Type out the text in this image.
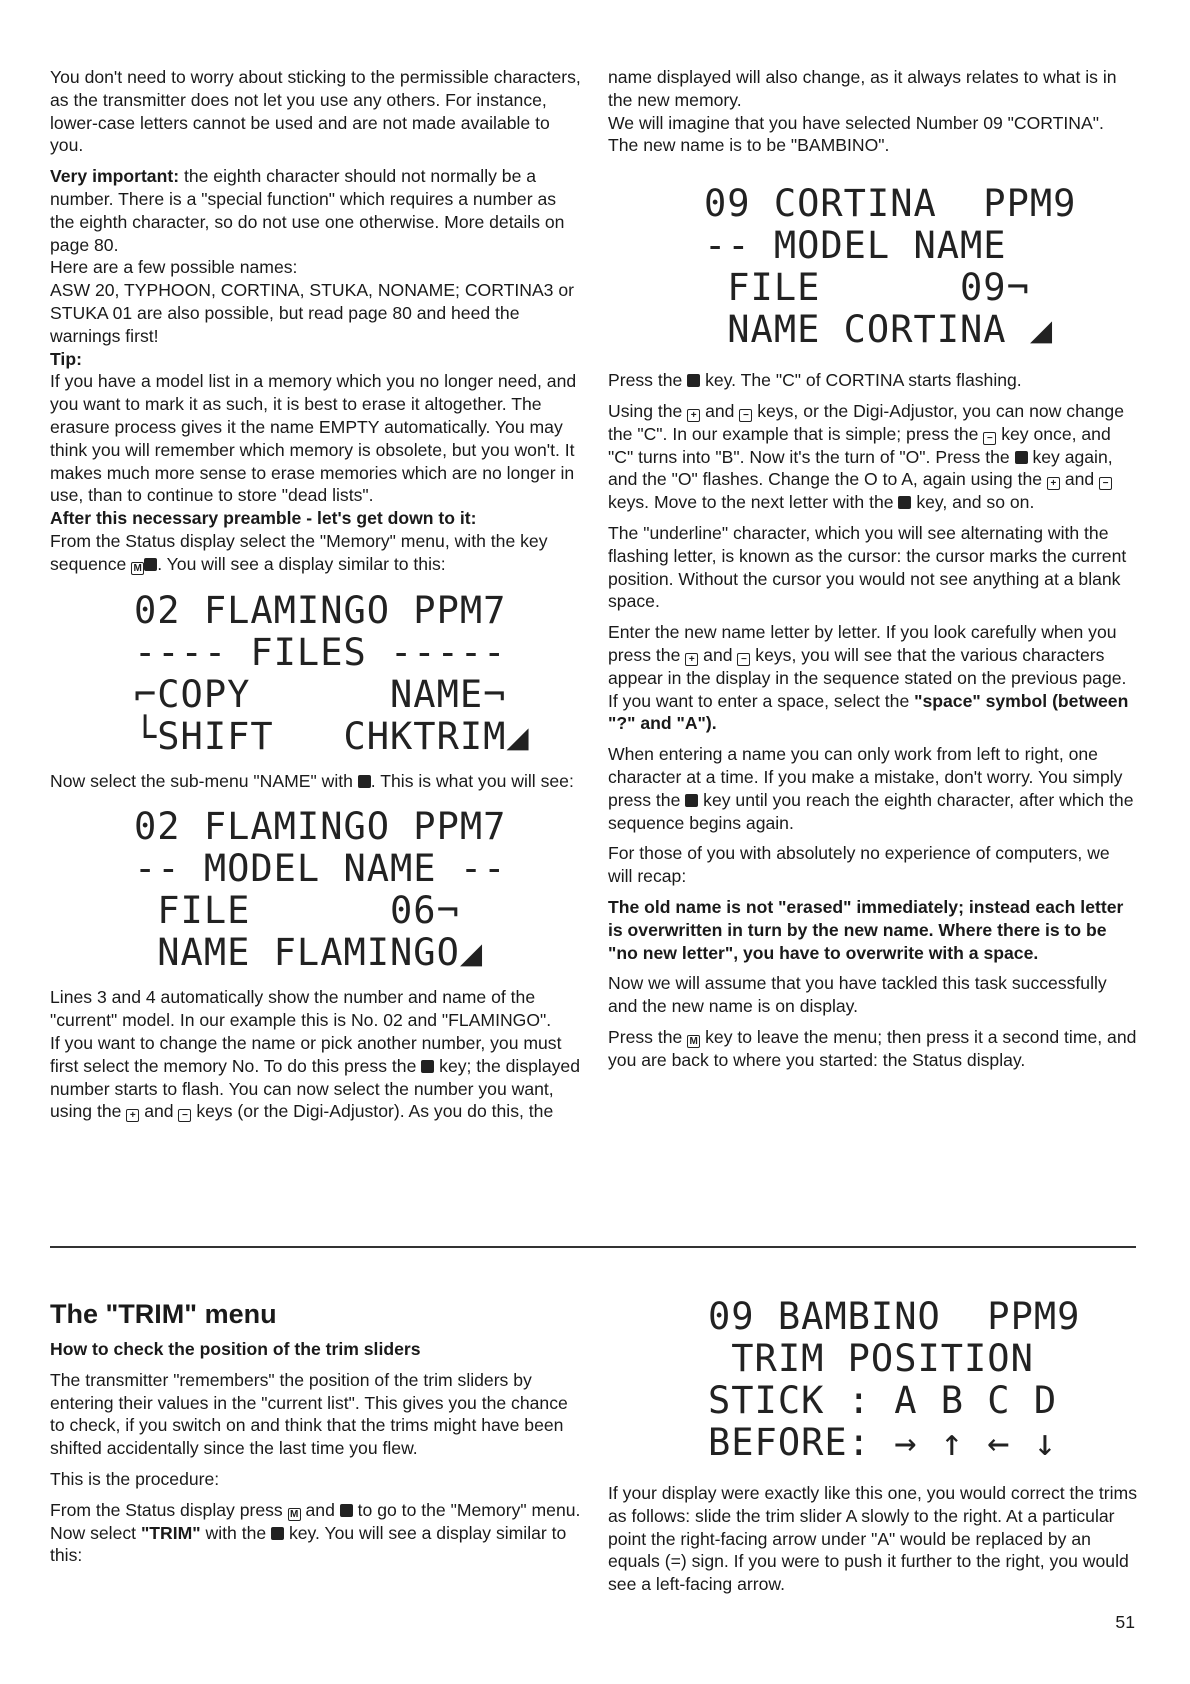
You don't need to worry about sticking to the permissible characters, as the transmitter does not let you use any others. For instance, lower-case letters cannot be used and are not made available to you.

Very important: the eighth character should not normally be a number. There is a "special function" which requires a number as the eighth character, so do not use one otherwise. More details on page 80.

Here are a few possible names:

ASW 20, TYPHOON, CORTINA, STUKA, NONAME; CORTINA3 or STUKA 01 are also possible, but read page 80 and heed the warnings first!

Tip:

If you have a model list in a memory which you no longer need, and you want to mark it as such, it is best to erase it altogether. The erasure process gives it the name EMPTY automatically. You may think you will remember which memory is obsolete, but you won't. It makes much more sense to erase memories which are no longer in use, than to continue to store "dead lists".

After this necessary preamble - let's get down to it:

From the Status display select the "Memory" menu, with the key sequence M . You will see a display similar to this:

02 FLAMINGO PPM7
---- FILES -----
⌐COPY      NAME¬
└SHIFT   CHKTRIM◢

Now select the sub-menu "NAME" with . This is what you will see:

02 FLAMINGO PPM7
-- MODEL NAME --
FILE      06¬
NAME FLAMINGO◢

Lines 3 and 4 automatically show the number and name of the "current" model. In our example this is No. 02 and "FLAMINGO".

If you want to change the name or pick another number, you must first select the memory No. To do this press the key; the displayed number starts to flash. You can now select the number you want, using the + and − keys (or the Digi-Adjustor). As you do this, the

name displayed will also change, as it always relates to what is in the new memory.

We will imagine that you have selected Number 09 "CORTINA". The new name is to be "BAMBINO".

09 CORTINA  PPM9
-- MODEL NAME
FILE      09¬
NAME CORTINA ◢

Press the key. The "C" of CORTINA starts flashing.

Using the + and − keys, or the Digi-Adjustor, you can now change the "C". In our example that is simple; press the − key once, and "C" turns into "B". Now it's the turn of "O". Press the key again, and the "O" flashes. Change the O to A, again using the + and − keys. Move to the next letter with the key, and so on.

The "underline" character, which you will see alternating with the flashing letter, is known as the cursor: the cursor marks the current position. Without the cursor you would not see anything at a blank space.

Enter the new name letter by letter. If you look carefully when you press the + and − keys, you will see that the various characters appear in the display in the sequence stated on the previous page. If you want to enter a space, select the "space" symbol (between "?" and "A").

When entering a name you can only work from left to right, one character at a time. If you make a mistake, don't worry. You simply press the key until you reach the eighth character, after which the sequence begins again.

For those of you with absolutely no experience of computers, we will recap:

The old name is not "erased" immediately; instead each letter is overwritten in turn by the new name. Where there is to be "no new letter", you have to overwrite with a space.

Now we will assume that you have tackled this task successfully and the new name is on display.

Press the M key to leave the menu; then press it a second time, and you are back to where you started: the Status display.

The "TRIM" menu
How to check the position of the trim sliders

The transmitter "remembers" the position of the trim sliders by entering their values in the "current list". This gives you the chance to check, if you switch on and think that the trims might have been shifted accidentally since the last time you flew.

This is the procedure:

From the Status display press M and to go to the "Memory" menu. Now select "TRIM" with the key. You will see a display similar to this:

09 BAMBINO  PPM9
TRIM POSITION
STICK : A B C D
BEFORE: → ↑ ← ↓

If your display were exactly like this one, you would correct the trims as follows: slide the trim slider A slowly to the right. At a particular point the right-facing arrow under "A" would be replaced by an equals (=) sign. If you were to push it further to the right, you would see a left-facing arrow.

51
